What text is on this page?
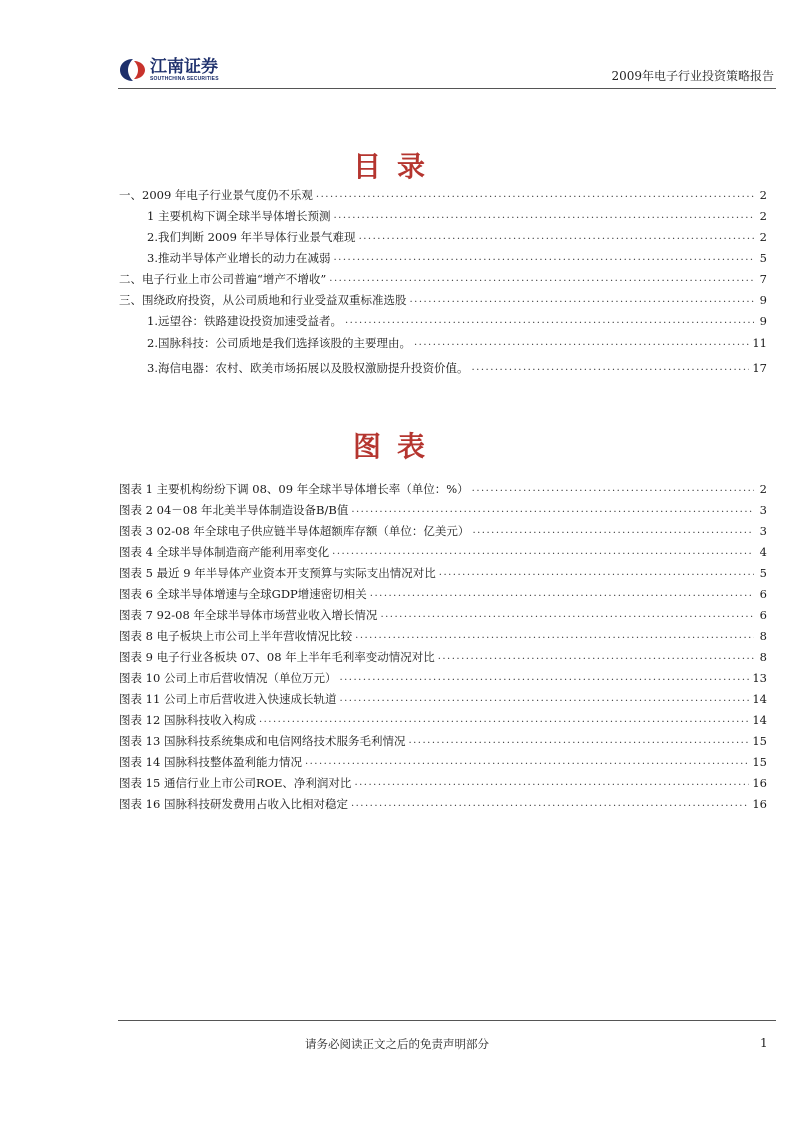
江南证券
SOUTHCHINA SECURITIES	2009年电子行业投资策略报告
目录
一、2009 年电子行业景气度仍不乐观 .....	2
1 主要机构下调全球半导体增长预测 .....	2
2.我们判断 2009 年半导体行业景气难现 .....	2
3.推动半导体产业增长的动力在减弱 .....	5
二、电子行业上市公司普遍“增产不增收” .....	7
三、围绕政府投资，从公司质地和行业受益双重标准选股 .....	9
1.远望谷：铁路建设投资加速受益者。 .....	9
2.国脉科技：公司质地是我们选择该股的主要理由。 .....	11
3.海信电器：农村、欧美市场拓展以及股权激励提升投资价值。 .....	17
图表
图表 1 主要机构纷纷下调 08、09 年全球半导体增长率（单位：%） .....	2
图表 2 04－08 年北美半导体制造设备B/B值 .....	3
图表 3 02-08 年全球电子供应链半导体超额库存额（单位：亿美元） .....	3
图表 4 全球半导体制造商产能利用率变化 .....	4
图表 5 最近 9 年半导体产业资本开支预算与实际支出情况对比 .....	5
图表 6 全球半导体增速与全球GDP增速密切相关 .....	6
图表 7 92-08 年全球半导体市场营业收入增长情况 .....	6
图表 8 电子板块上市公司上半年营收情况比较 .....	8
图表 9 电子行业各板块 07、08 年上半年毛利率变动情况对比 .....	8
图表 10 公司上市后营收情况（单位万元） .....	13
图表 11 公司上市后营收进入快速成长轨道 .....	14
图表 12 国脉科技收入构成 .....	14
图表 13 国脉科技系统集成和电信网络技术服务毛利情况 .....	15
图表 14 国脉科技整体盈利能力情况 .....	15
图表 15 通信行业上市公司ROE、净利润对比 .....	16
图表 16 国脉科技研发费用占收入比相对稳定 .....	16
请务必阅读正文之后的免责声明部分	1
